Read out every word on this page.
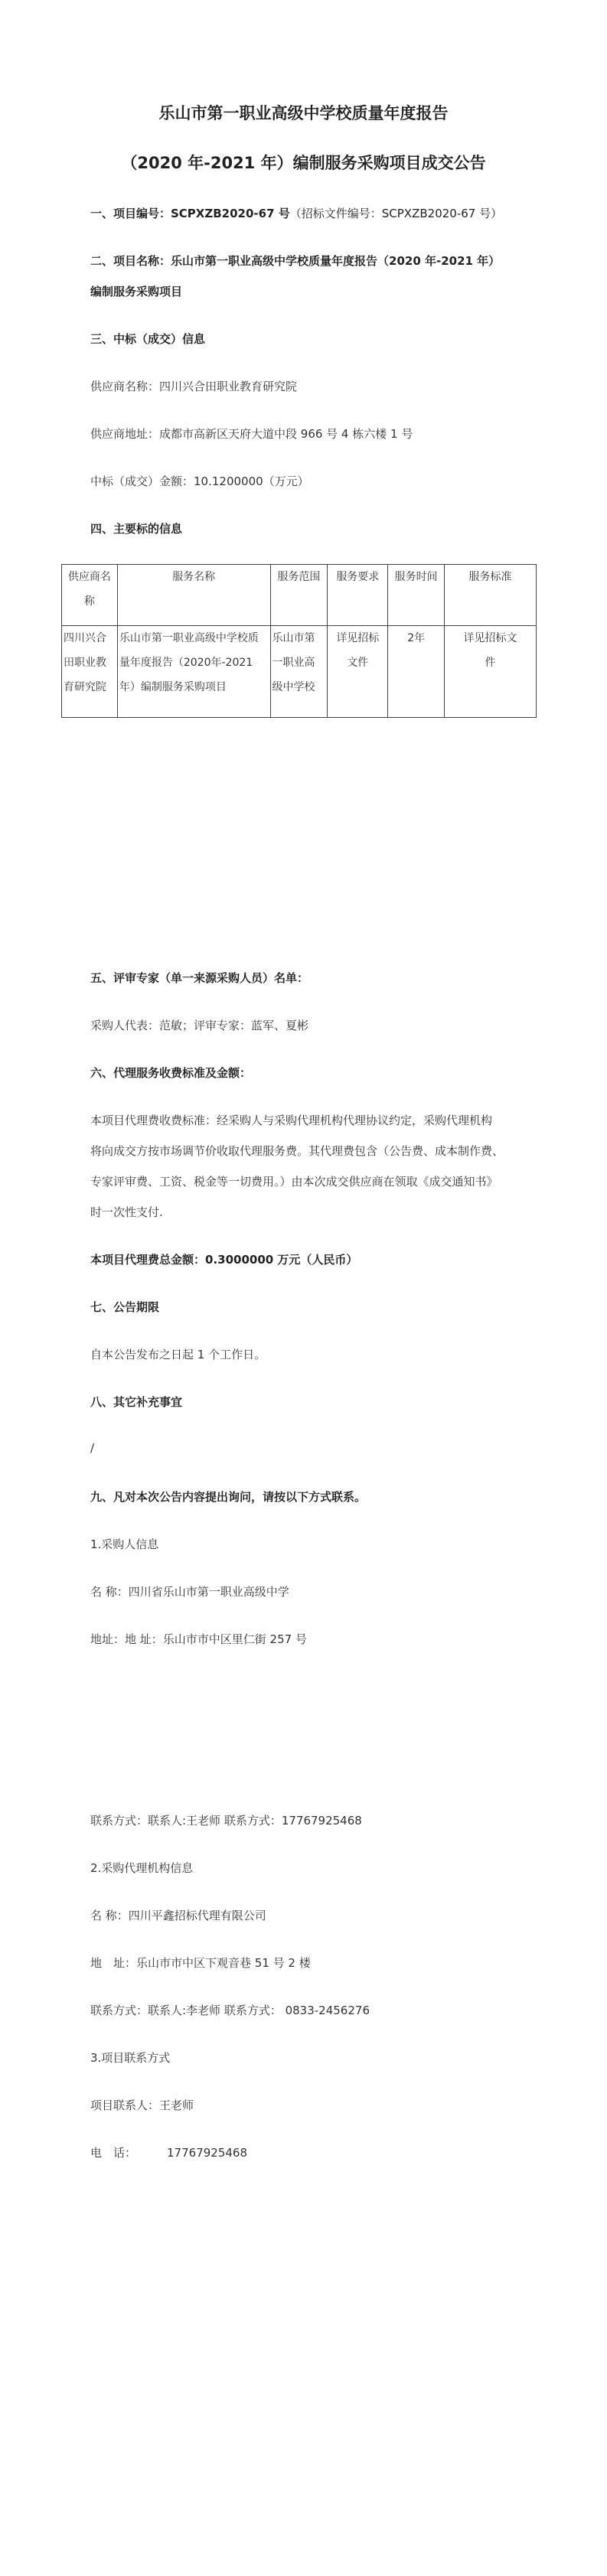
乐山市第一职业高级中学校质量年度报告
（2020 年-2021 年）编制服务采购项目成交公告
一、项目编号：SCPXZB2020-67 号（招标文件编号：SCPXZB2020-67 号）
二、项目名称：乐山市第一职业高级中学校质量年度报告（2020 年-2021 年）
编制服务采购项目
三、中标（成交）信息
供应商名称：四川兴合田职业教育研究院
供应商地址：成都市高新区天府大道中段 966 号 4 栋六楼 1 号
中标（成交）金额：10.1200000（万元）
四、主要标的信息
供应商名称	服务名称	服务范围	服务要求	服务时间	服务标准
四川兴合田职业教育研究院	乐山市第一职业高级中学校质量年度报告（2020年-2021年）编制服务采购项目	乐山市第一职业高级中学校	详见招标文件	2年	详见招标文件
五、评审专家（单一来源采购人员）名单：
采购人代表：范敏；评审专家：蓝军、夏彬
六、代理服务收费标准及金额：
本项目代理费收费标准：经采购人与采购代理机构代理协议约定，采购代理机构
将向成交方按市场调节价收取代理服务费。其代理费包含（公告费、成本制作费、
专家评审费、工资、税金等一切费用。）由本次成交供应商在领取《成交通知书》
时一次性支付.
本项目代理费总金额：0.3000000 万元（人民币）
七、公告期限
自本公告发布之日起 1 个工作日。
八、其它补充事宜
/
九、凡对本次公告内容提出询问，请按以下方式联系。
1.采购人信息
名 称：四川省乐山市第一职业高级中学
地址：地 址：乐山市市中区里仁街 257 号
联系方式：联系人:王老师 联系方式：17767925468
2.采购代理机构信息
名 称：四川平鑫招标代理有限公司
地　址：乐山市市中区下观音巷 51 号 2 楼
联系方式：联系人:李老师 联系方式： 0833-2456276
3.项目联系方式
项目联系人：王老师
电　话：	17767925468
